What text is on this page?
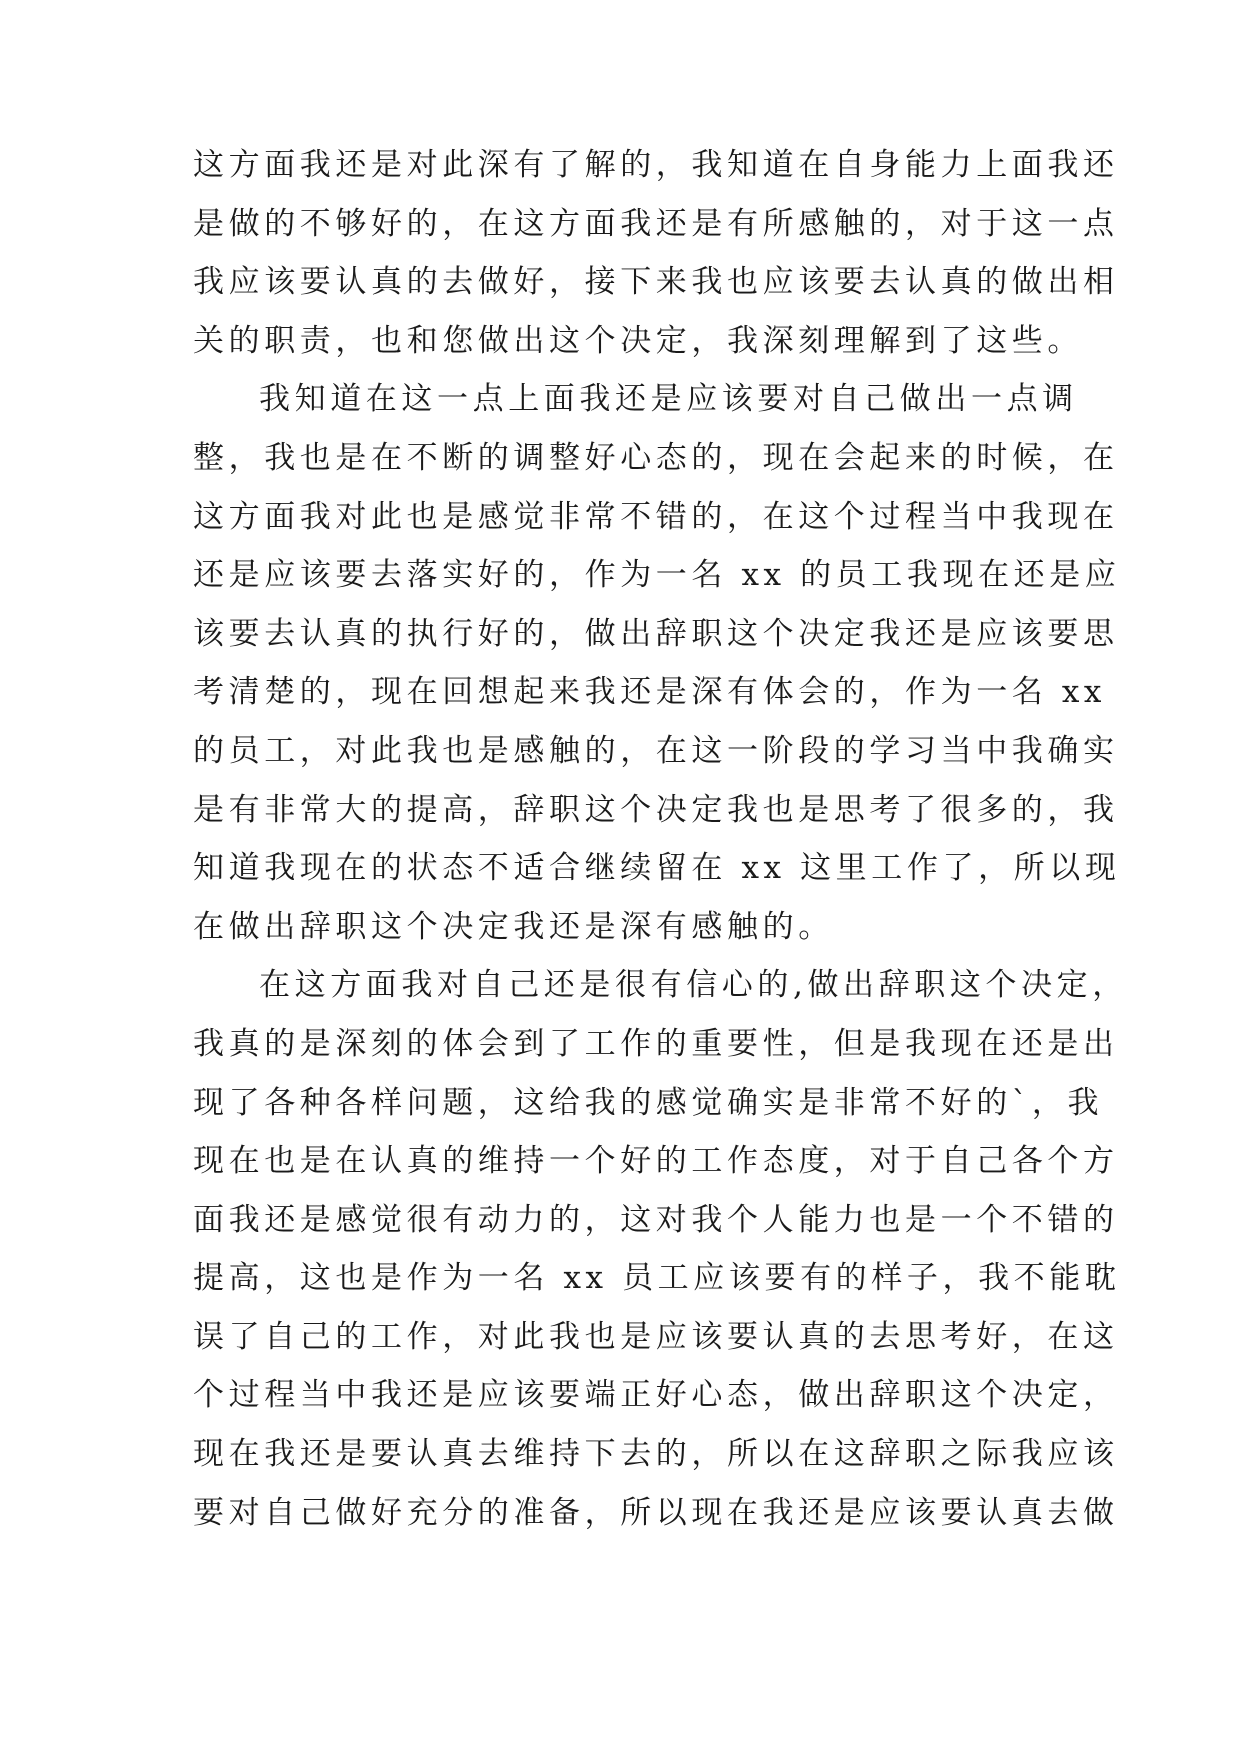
这方面我还是对此深有了解的，我知道在自身能力上面我还
是做的不够好的，在这方面我还是有所感触的，对于这一点
我应该要认真的去做好，接下来我也应该要去认真的做出相
关的职责，也和您做出这个决定，我深刻理解到了这些。
我知道在这一点上面我还是应该要对自己做出一点调
整，我也是在不断的调整好心态的，现在会起来的时候，在
这方面我对此也是感觉非常不错的，在这个过程当中我现在
还是应该要去落实好的，作为一名 xx 的员工我现在还是应
该要去认真的执行好的，做出辞职这个决定我还是应该要思
考清楚的，现在回想起来我还是深有体会的，作为一名 xx
的员工，对此我也是感触的，在这一阶段的学习当中我确实
是有非常大的提高，辞职这个决定我也是思考了很多的，我
知道我现在的状态不适合继续留在 xx 这里工作了，所以现
在做出辞职这个决定我还是深有感触的。
在这方面我对自己还是很有信心的,做出辞职这个决定，
我真的是深刻的体会到了工作的重要性，但是我现在还是出
现了各种各样问题，这给我的感觉确实是非常不好的`，我
现在也是在认真的维持一个好的工作态度，对于自己各个方
面我还是感觉很有动力的，这对我个人能力也是一个不错的
提高，这也是作为一名 xx 员工应该要有的样子，我不能耽
误了自己的工作，对此我也是应该要认真的去思考好，在这
个过程当中我还是应该要端正好心态，做出辞职这个决定，
现在我还是要认真去维持下去的，所以在这辞职之际我应该
要对自己做好充分的准备，所以现在我还是应该要认真去做
